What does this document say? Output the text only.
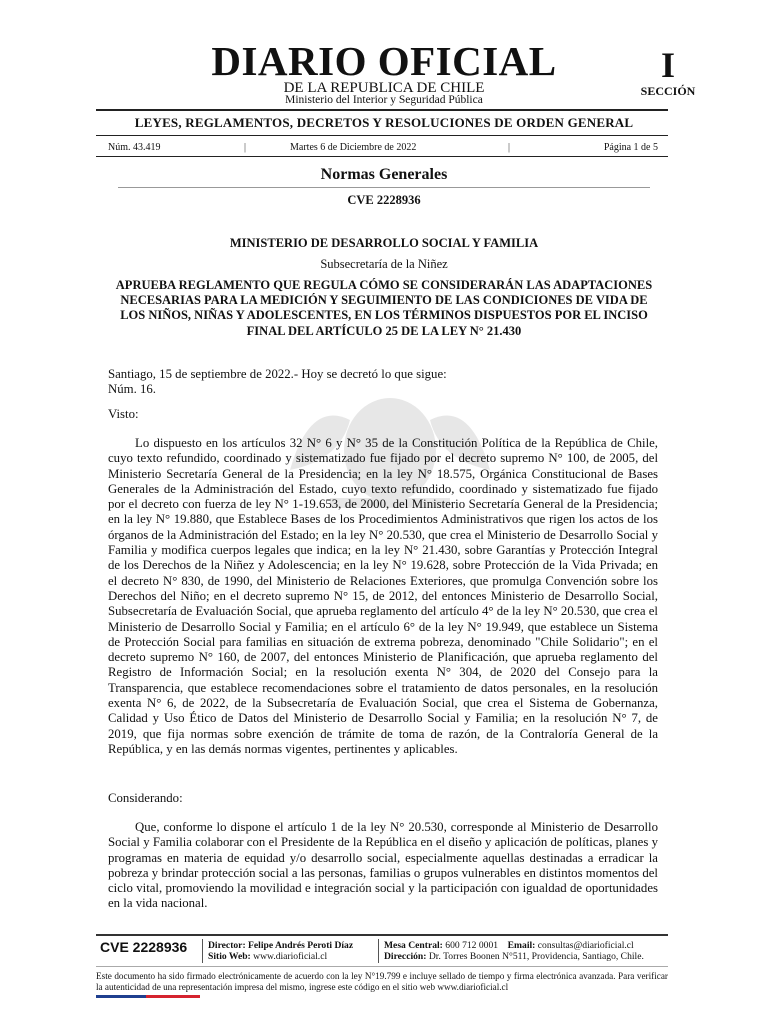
DIARIO OFICIAL
DE LA REPUBLICA DE CHILE
Ministerio del Interior y Seguridad Pública
I
SECCIÓN
LEYES, REGLAMENTOS, DECRETOS Y RESOLUCIONES DE ORDEN GENERAL
Núm. 43.419	|	Martes 6 de Diciembre de 2022	|	Página 1 de 5
Normas Generales
CVE 2228936
MINISTERIO DE DESARROLLO SOCIAL Y FAMILIA
Subsecretaría de la Niñez
APRUEBA REGLAMENTO QUE REGULA CÓMO SE CONSIDERARÁN LAS ADAPTACIONES NECESARIAS PARA LA MEDICIÓN Y SEGUIMIENTO DE LAS CONDICIONES DE VIDA DE LOS NIÑOS, NIÑAS Y ADOLESCENTES, EN LOS TÉRMINOS DISPUESTOS POR EL INCISO FINAL DEL ARTÍCULO 25 DE LA LEY N° 21.430
Santiago, 15 de septiembre de 2022.- Hoy se decretó lo que sigue:
Núm. 16.
Visto:
Lo dispuesto en los artículos 32 N° 6 y N° 35 de la Constitución Política de la República de Chile, cuyo texto refundido, coordinado y sistematizado fue fijado por el decreto supremo N° 100, de 2005, del Ministerio Secretaría General de la Presidencia; en la ley N° 18.575, Orgánica Constitucional de Bases Generales de la Administración del Estado, cuyo texto refundido, coordinado y sistematizado fue fijado por el decreto con fuerza de ley N° 1-19.653, de 2000, del Ministerio Secretaría General de la Presidencia; en la ley N° 19.880, que Establece Bases de los Procedimientos Administrativos que rigen los actos de los órganos de la Administración del Estado; en la ley N° 20.530, que crea el Ministerio de Desarrollo Social y Familia y modifica cuerpos legales que indica; en la ley N° 21.430, sobre Garantías y Protección Integral de los Derechos de la Niñez y Adolescencia; en la ley N° 19.628, sobre Protección de la Vida Privada; en el decreto N° 830, de 1990, del Ministerio de Relaciones Exteriores, que promulga Convención sobre los Derechos del Niño; en el decreto supremo N° 15, de 2012, del entonces Ministerio de Desarrollo Social, Subsecretaría de Evaluación Social, que aprueba reglamento del artículo 4° de la ley N° 20.530, que crea el Ministerio de Desarrollo Social y Familia; en el artículo 6° de la ley N° 19.949, que establece un Sistema de Protección Social para familias en situación de extrema pobreza, denominado "Chile Solidario"; en el decreto supremo N° 160, de 2007, del entonces Ministerio de Planificación, que aprueba reglamento del Registro de Información Social; en la resolución exenta N° 304, de 2020 del Consejo para la Transparencia, que establece recomendaciones sobre el tratamiento de datos personales, en la resolución exenta N° 6, de 2022, de la Subsecretaría de Evaluación Social, que crea el Sistema de Gobernanza, Calidad y Uso Ético de Datos del Ministerio de Desarrollo Social y Familia; en la resolución N° 7, de 2019, que fija normas sobre exención de trámite de toma de razón, de la Contraloría General de la República, y en las demás normas vigentes, pertinentes y aplicables.
Considerando:
Que, conforme lo dispone el artículo 1 de la ley N° 20.530, corresponde al Ministerio de Desarrollo Social y Familia colaborar con el Presidente de la República en el diseño y aplicación de políticas, planes y programas en materia de equidad y/o desarrollo social, especialmente aquellas destinadas a erradicar la pobreza y brindar protección social a las personas, familias o grupos vulnerables en distintos momentos del ciclo vital, promoviendo la movilidad e integración social y la participación con igualdad de oportunidades en la vida nacional.
CVE 2228936 Director: Felipe Andrés Peroti Díaz
Sitio Web: www.diarioficial.cl
Mesa Central: 600 712 0001 Email: consultas@diarioficial.cl
Dirección: Dr. Torres Boonen N°511, Providencia, Santiago, Chile.
Este documento ha sido firmado electrónicamente de acuerdo con la ley N°19.799 e incluye sellado de tiempo y firma electrónica avanzada. Para verificar la autenticidad de una representación impresa del mismo, ingrese este código en el sitio web www.diarioficial.cl
